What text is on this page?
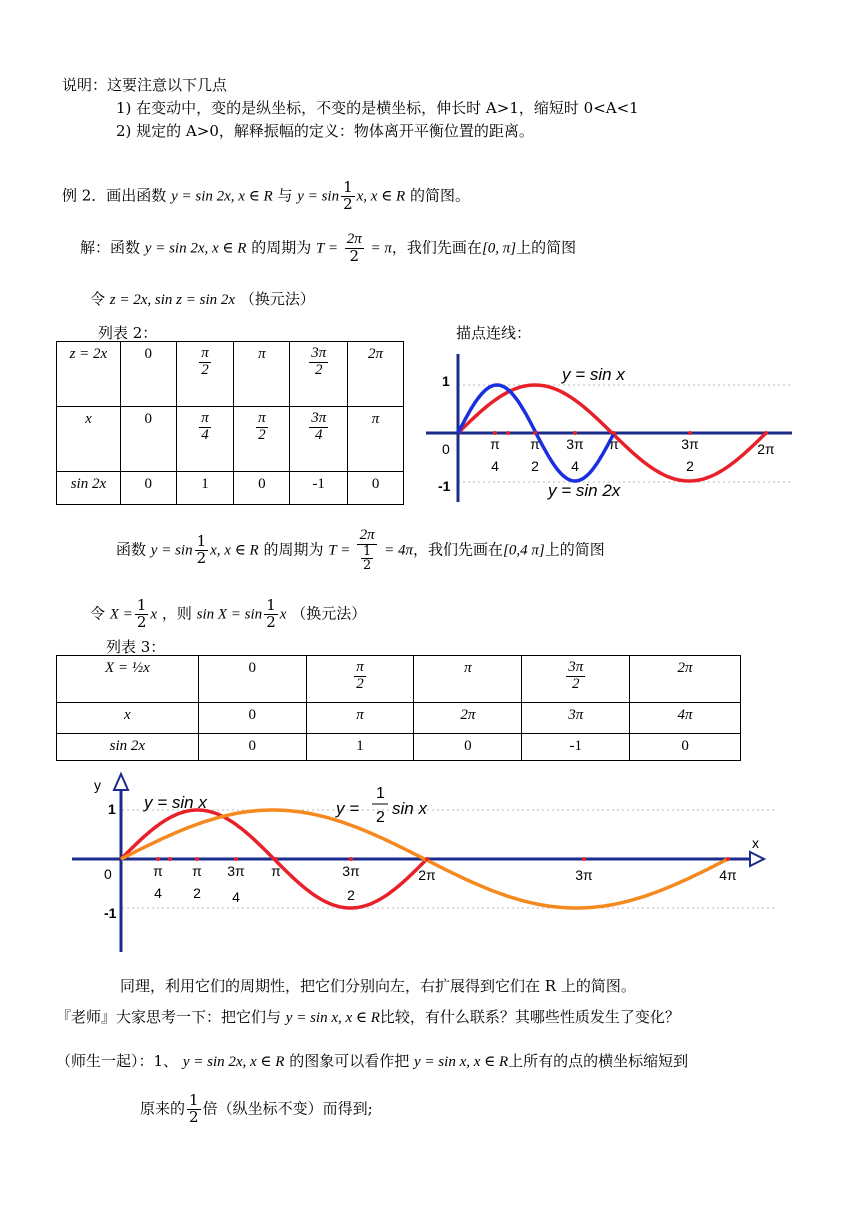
说明：这要注意以下几点
1) 在变动中，变的是纵坐标，不变的是横坐标，伸长时 A>1，缩短时 0<A<1
2) 规定的 A>0，解释振幅的定义：物体离开平衡位置的距离。
例 2．画出函数 y = sin 2x, x ∈ R 与 $y = \sin \frac{1}{2} x$, x ∈ R 的简图。
解：函数 y = sin 2x, x ∈ R 的周期为 $T = \frac{2\pi}{2} = \pi$，我们先画在[0, π]上的简图
令 z = 2x, sin z = sin 2x （换元法）
列表 2：	描点连线：
z = 2x	0	$\frac{\pi}{2}$	π	$\frac{3\pi}{2}$	2π
x	0	$\frac{\pi}{4}$	$\frac{\pi}{2}$	$\frac{3\pi}{4}$	π
sin 2x	0	1	0	-1	0
1
-1
0
y = sin x
y = sin 2x
π
4
π
2
3π
4
π	3π
2
2π
函数 $y = \sin \frac{1}{2} x$, x ∈ R 的周期为 $T = \frac{2\pi}{\frac{1}{2}} = 4\pi$，我们先画在[0,4 π]上的简图
令 $X = \frac{1}{2}$ x ，则 $\sin X = \sin \frac{1}{2}$ x （换元法）
列表 3：
X = ½x	0	$\frac{\pi}{2}$	π	$\frac{3\pi}{2}$	2π
x	0	π	2π	3π	4π
sin 2x	0	1	0	-1	0
y
x
1
-1
0
y = sin x	y =
1
2 sin x
π
4
π
2
3π
4
π	3π
2
2π	3π	4π
同理，利用它们的周期性，把它们分别向左，右扩展得到它们在 R 上的简图。
『老师』大家思考一下：把它们与 y = sin x, x ∈ R比较，有什么联系？其哪些性质发生了变化？
（师生一起）：1、 y = sin 2x, x ∈ R 的图象可以看作把 y = sin x, x ∈ R上所有的点的横坐标缩短到
原来的 $\frac{1}{2}$ 倍（纵坐标不变）而得到;
